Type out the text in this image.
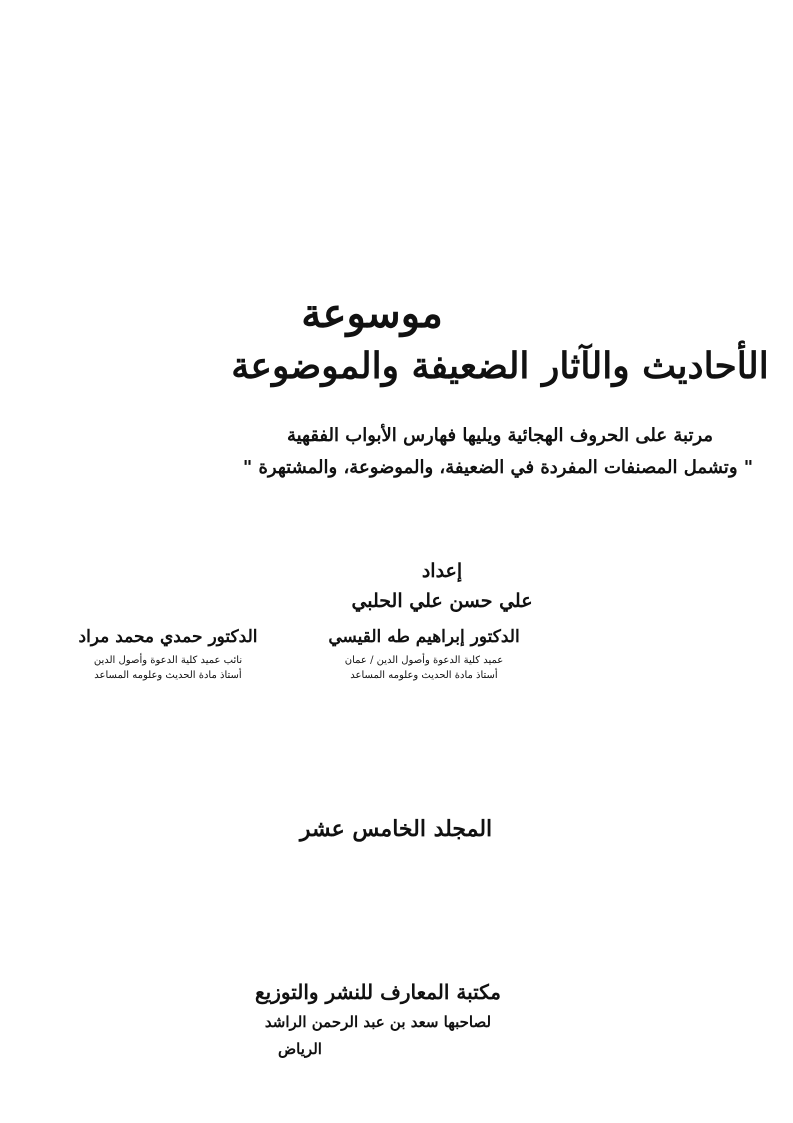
موسوعة
الأحاديث والآثار الضعيفة والموضوعة
مرتبة على الحروف الهجائية ويليها فهارس الأبواب الفقهية
" وتشمل المصنفات المفردة في الضعيفة، والموضوعة، والمشتهرة "
إعداد
علي حسن علي الحلبي
الدكتور إبراهيم طه القيسي
عميد كلية الدعوة وأصول الدين / عمان
أستاذ مادة الحديث وعلومه المساعد
الدكتور حمدي محمد مراد
نائب عميد كلية الدعوة وأصول الدين
أستاذ مادة الحديث وعلومه المساعد
المجلد الخامس عشر
مكتبة المعارف للنشر والتوزيع
لصاحبها سعد بن عبد الرحمن الراشد
الرياض
